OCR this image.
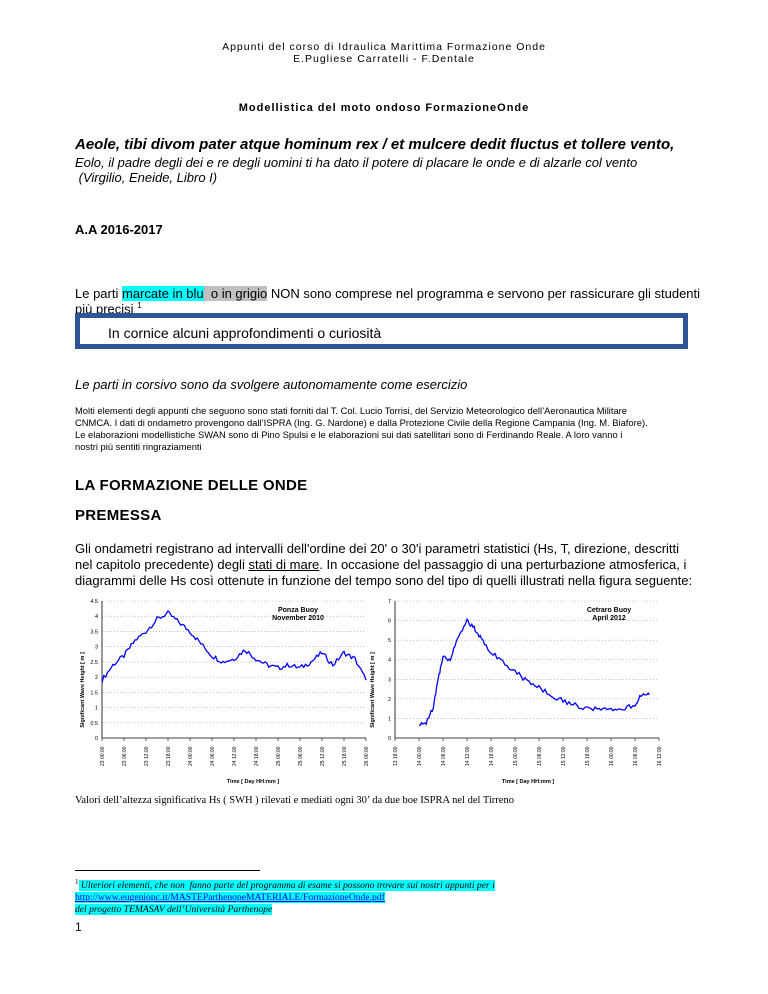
Appunti del corso di Idraulica Marittima Formazione Onde
E.Pugliese Carratelli - F.Dentale
Modellistica del moto ondoso FormazioneOnde
Aeole, tibi divom pater atque hominum rex / et mulcere dedit fluctus et tollere vento,
Eolo, il padre degli dei e re degli uomini ti ha dato il potere di placare le onde e di alzarle col vento
(Virgilio, Eneide, Libro I)
A.A 2016-2017
Le parti marcate in blu  o in grigio NON sono comprese nel programma e servono per rassicurare gli studenti
più precisi $^1$
In cornice alcuni approfondimenti o curiosità
Le parti in corsivo sono da svolgere autonomamente come esercizio
Molti elementi degli appunti che seguono sono stati forniti dal T. Col. Lucio Torrisi, del Servizio Meteorologico dell’Aeronautica Militare
CNMCA. I dati di ondametro provengono dall’ISPRA (Ing. G. Nardone) e dalla Protezione Civile della Regione Campania (Ing. M. Biafore).
Le elaborazioni modellistiche SWAN sono di Pino Spulsi e le elaborazioni sui dati satellitari sono di Ferdinando Reale. A loro vanno i
nostri più sentiti ringraziamenti
LA FORMAZIONE DELLE ONDE
PREMESSA
Gli ondametri registrano ad intervalli dell'ordine dei 20' o 30'i parametri statistici (Hs, T, direzione, descritti
nel capitolo precedente) degli stati di mare. In occasione del passaggio di una perturbazione atmosferica, i
diagrammi delle Hs così ottenute in funzione del tempo sono del tipo di quelli illustrati nella figura seguente:
0
0.5
1
1.5
2
2.5
3
3.5
4
4.5
23 00:00	23 06:00	23 12:00	23 18:00	24 00:00	24 06:00	24 12:00	24 18:00	25 00:00	25 06:00	25 12:00	25 18:00	26 00:00
Ponza Buoy
November 2010
Time [ Day HH:mm ]
Significant Wave Height [ m ]
0
1
2
3
4
5
6
7
13 18:00	14 00:00	14 06:00	14 12:00	14 18:00	15 00:00	15 06:00	15 12:00	15 18:00	16 00:00	16 06:00	16 12:00
Cetraro Buoy
April 2012
Time [ Day HH:mm ]
Significant Wave Height [ m ]
Valori dell’altezza significativa Hs ( SWH ) rilevati e mediati ogni 30’ da due boe ISPRA nel del Tirreno
$^1$ Ulteriori elementi, che non  fanno parte del programma di esame si possono trovare sui nostri appunti per i
http://www.eugeniopc.it/MASTEParthenopeMATERIALE/FormazioneOnde.pdf
del progetto TEMASAV dell’Università Parthenope
1
